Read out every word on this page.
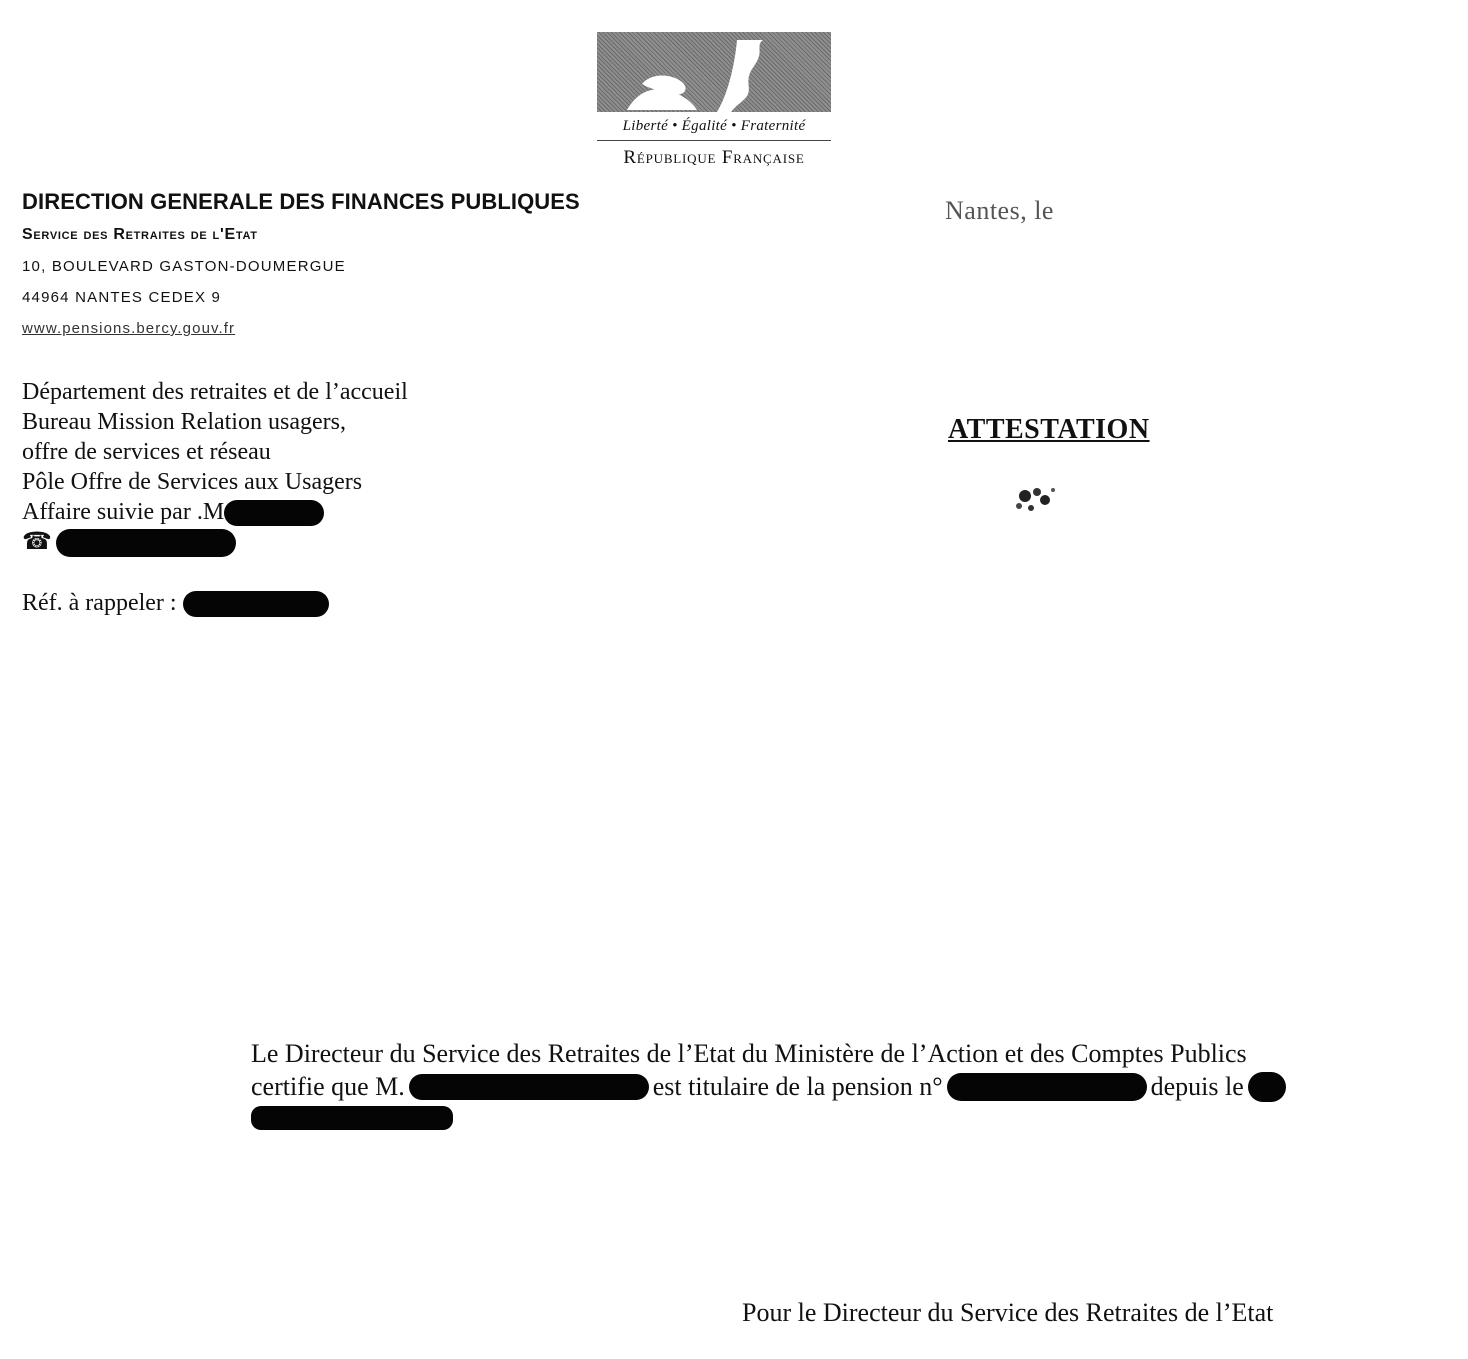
Liberté • Égalité • Fraternité
République Française
DIRECTION GENERALE DES FINANCES PUBLIQUES
Service des Retraites de l'Etat
10, BOULEVARD GASTON-DOUMERGUE
44964 NANTES CEDEX 9
www.pensions.bercy.gouv.fr
Nantes, le
Département des retraites et de l’accueil
Bureau Mission Relation usagers,
offre de services et réseau
Pôle Offre de Services aux Usagers
Affaire suivie par .M
☎
Réf. à rappeler :
ATTESTATION
Le Directeur du Service des Retraites de l’Etat du Ministère de l’Action et des Comptes Publics
certifie que M.	est titulaire de la pension n°	depuis le
Pour le Directeur du Service des Retraites de l’Etat
